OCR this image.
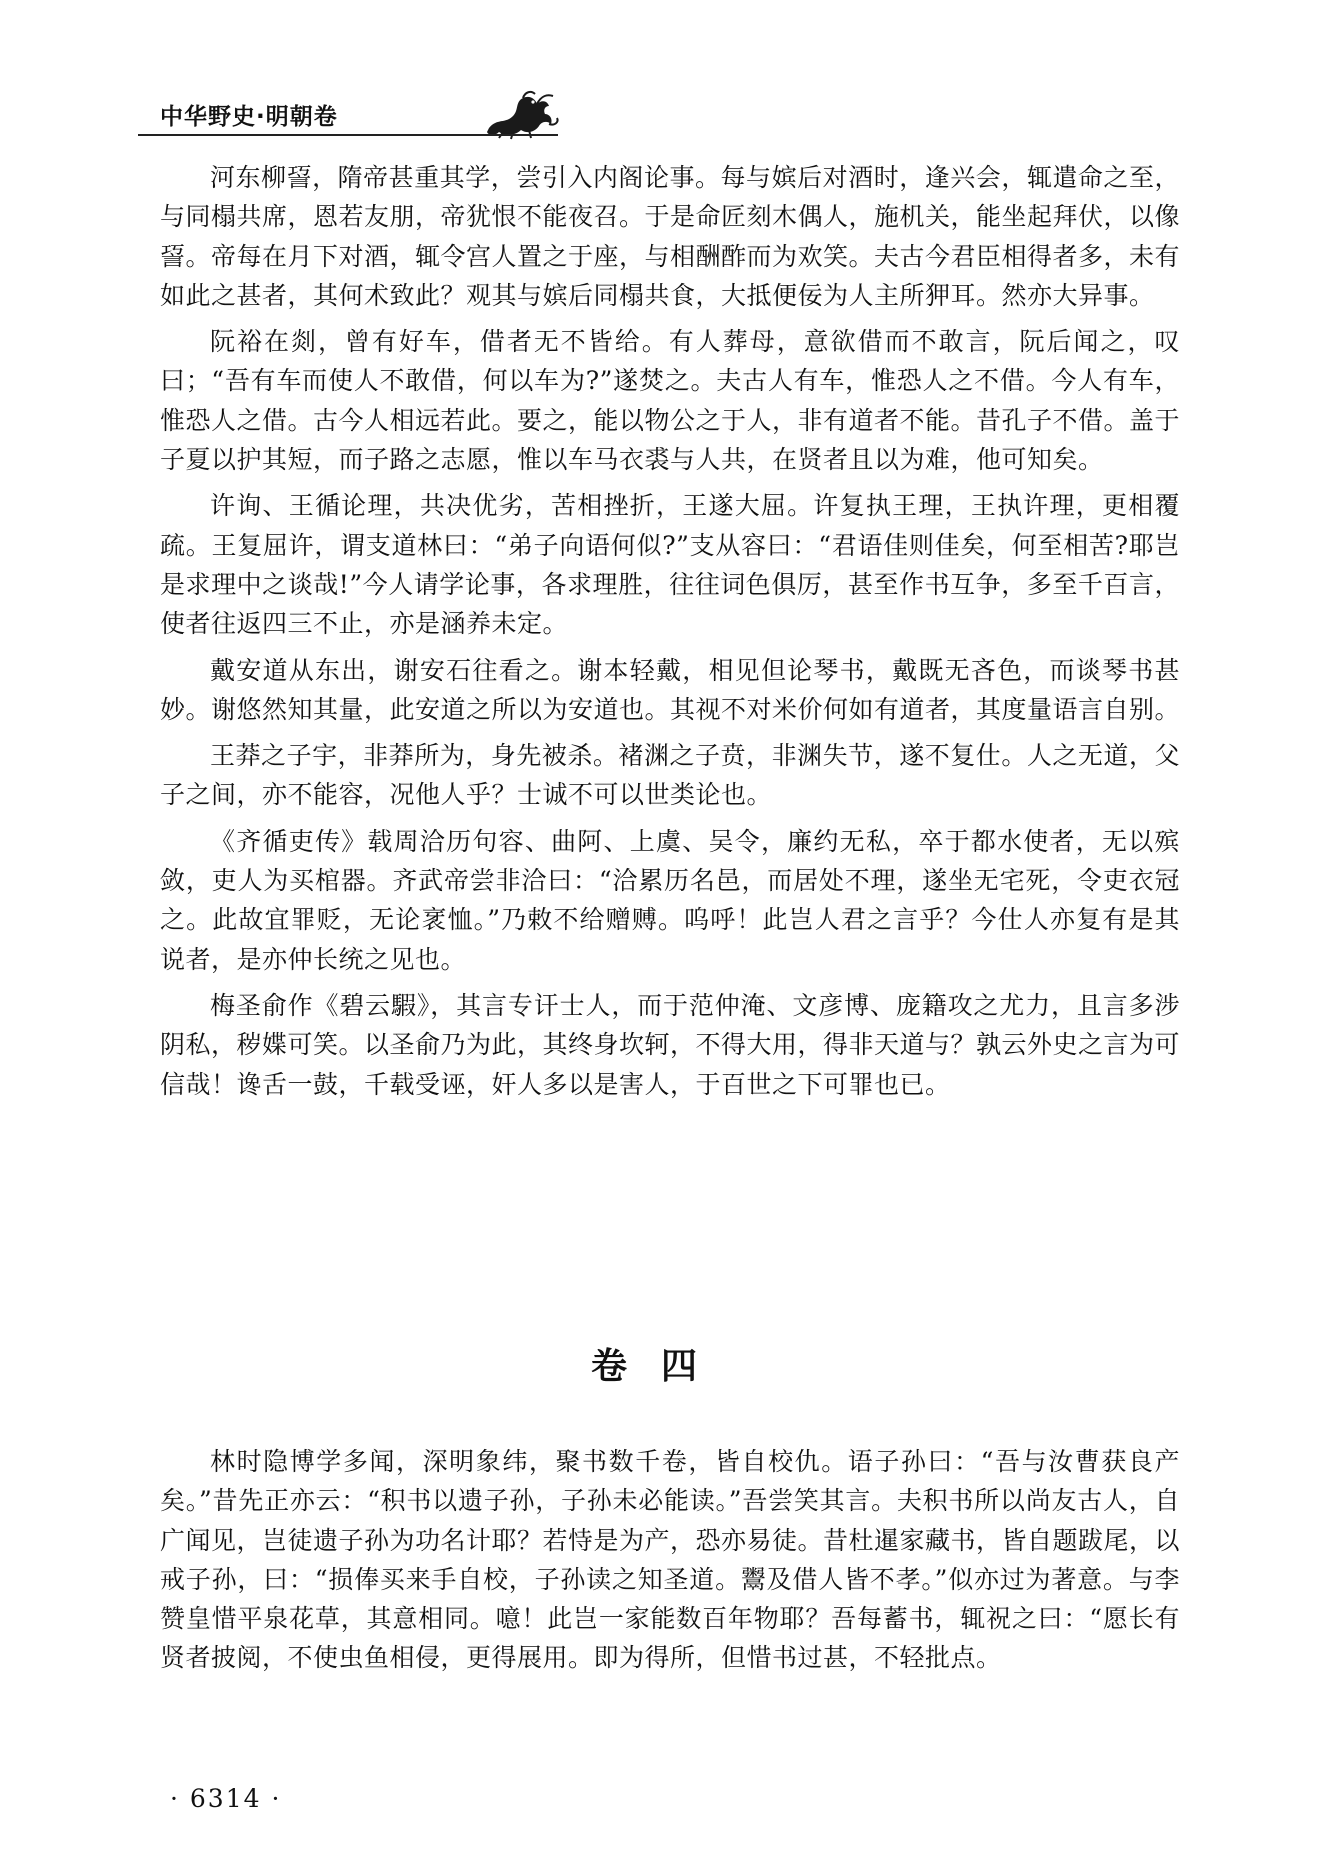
中华野史·明朝卷

河东柳䛒，隋帝甚重其学，尝引入内阁论事。每与嫔后对酒时，逢兴会，辄遣命之至，与同榻共席，恩若友朋，帝犹恨不能夜召。于是命匠刻木偶人，施机关，能坐起拜伏，以像䛒。帝每在月下对酒，辄令宫人置之于座，与相酬酢而为欢笑。夫古今君臣相得者多，未有如此之甚者，其何术致此？观其与嫔后同榻共食，大抵便佞为人主所狎耳。然亦大异事。

阮裕在剡，曾有好车，借者无不皆给。有人葬母，意欲借而不敢言，阮后闻之，叹曰；“吾有车而使人不敢借，何以车为?”遂焚之。夫古人有车，惟恐人之不借。今人有车，惟恐人之借。古今人相远若此。要之，能以物公之于人，非有道者不能。昔孔子不借。盖于子夏以护其短，而子路之志愿，惟以车马衣裘与人共，在贤者且以为难，他可知矣。

许询、王循论理，共决优劣，苦相挫折，王遂大屈。许复执王理，王执许理，更相覆疏。王复屈许，谓支道林曰：“弟子向语何似?”支从容曰：“君语佳则佳矣，何至相苦?耶岂是求理中之谈哉!”今人请学论事，各求理胜，往往词色俱厉，甚至作书互争，多至千百言，使者往返四三不止，亦是涵养未定。

戴安道从东出，谢安石往看之。谢本轻戴，相见但论琴书，戴既无吝色，而谈琴书甚妙。谢悠然知其量，此安道之所以为安道也。其视不对米价何如有道者，其度量语言自别。

王莽之子宇，非莽所为，身先被杀。褚渊之子贲，非渊失节，遂不复仕。人之无道，父子之间，亦不能容，况他人乎？士诚不可以世类论也。

《齐循吏传》载周洽历句容、曲阿、上虞、吴令，廉约无私，卒于都水使者，无以殡敛，吏人为买棺器。齐武帝尝非洽曰：“洽累历名邑，而居处不理，遂坐无宅死，令吏衣冠之。此故宜罪贬，无论衺恤。”乃敕不给赠赙。呜呼！此岂人君之言乎？今仕人亦复有是其说者，是亦仲长统之见也。

梅圣俞作《碧云騢》，其言专讦士人，而于范仲淹、文彦博、庞籍攻之尤力，且言多涉阴私，秽媟可笑。以圣俞乃为此，其终身坎轲，不得大用，得非天道与？孰云外史之言为可信哉！谗舌一鼓，千载受诬，奸人多以是害人，于百世之下可罪也已。

卷四

林时隐博学多闻，深明象纬，聚书数千卷，皆自校仇。语子孙曰：“吾与汝曹获良产矣。”昔先正亦云：“积书以遗子孙，子孙未必能读。”吾尝笑其言。夫积书所以尚友古人，自广闻见，岂徒遗子孙为功名计耶？若恃是为产，恐亦易徒。昔杜暹家藏书，皆自题跋尾，以戒子孙，曰：“损俸买来手自校，子孙读之知圣道。鬻及借人皆不孝。”似亦过为著意。与李赞皇惜平泉花草，其意相同。噫！此岂一家能数百年物耶？吾每蓄书，辄祝之曰：“愿长有贤者披阅，不使虫鱼相侵，更得展用。即为得所，但惜书过甚，不轻批点。

· 6314 ·
